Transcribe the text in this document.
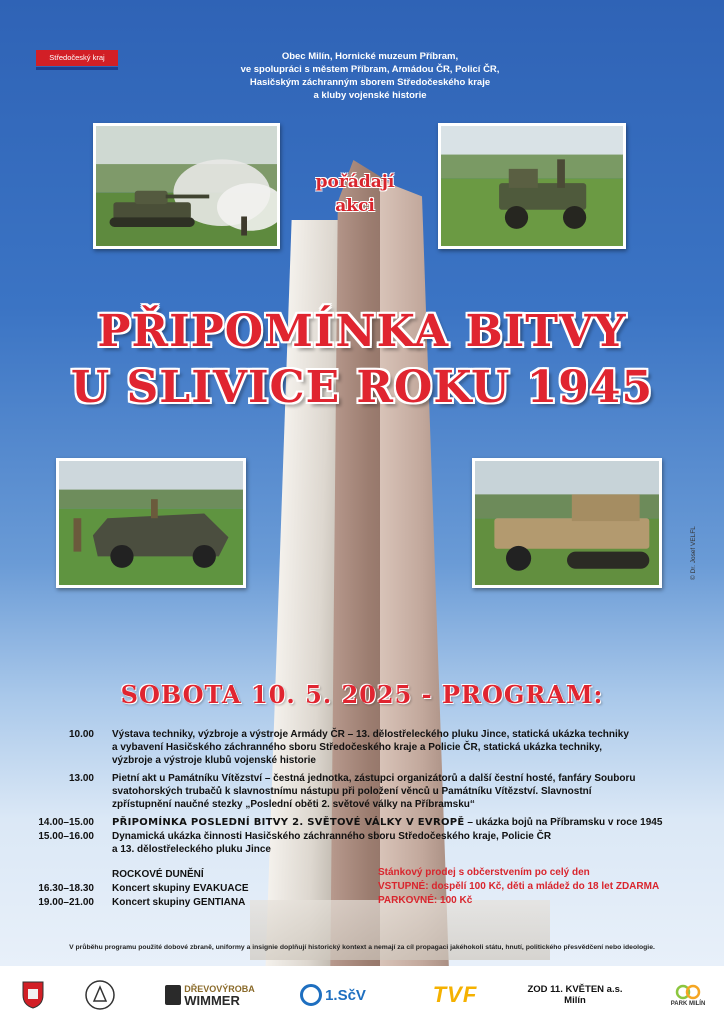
Středočeský kraj	Obec Milín, Hornické muzeum Příbram,
ve spolupráci s městem Příbram, Armádou ČR, Policí ČR,
Hasičským záchranným sborem Středočeského kraje
a kluby vojenské historie
pořádají
akci
PŘIPOMÍNKA BITVY
U SLIVICE ROKU 1945
© Dr. Josef VELFL
SOBOTA 10. 5. 2025 - PROGRAM:
10.00 Výstava techniky, výzbroje a výstroje Armády ČR – 13. dělostřeleckého pluku Jince, statická ukázka techniky
a vybavení Hasičského záchranného sboru Středočeského kraje a Policie ČR, statická ukázka techniky,
výzbroje a výstroje klubů vojenské historie
13.00 Pietní akt u Památníku Vítězství – čestná jednotka, zástupci organizátorů a další čestní hosté, fanfáry Souboru
svatohorských trubačů k slavnostnímu nástupu při položení věnců u Památníku Vítězství. Slavnostní
zpřístupnění naučné stezky „Poslední oběti 2. světové války na Příbramsku“
14.00–15.00 PŘIPOMÍNKA POSLEDNÍ BITVY 2. SVĚTOVÉ VÁLKY V EVROPĚ – ukázka bojů na Příbramsku v roce 1945
15.00–16.00 Dynamická ukázka činnosti Hasičského záchranného sboru Středočeského kraje, Policie ČR
a 13. dělostřeleckého pluku Jince
ROCKOVÉ DUNĚNÍ
16.30–18.30 Koncert skupiny EVAKUACE
19.00–21.00 Koncert skupiny GENTIANA
Stánkový prodej s občerstvením po celý den
VSTUPNÉ: dospělí 100 Kč, děti a mládež do 18 let ZDARMA
PARKOVNÉ: 100 Kč
V průběhu programu použité dobové zbraně, uniformy a insignie doplňují historický kontext a nemají za cíl propagaci jakéhokoli státu, hnutí, politického přesvědčení nebo ideologie.
DŘEVOVÝROBA
WIMMER	1.SčV	TVF	ZOD 11. KVĚTEN a.s.
Milín	PARK MILÍN
